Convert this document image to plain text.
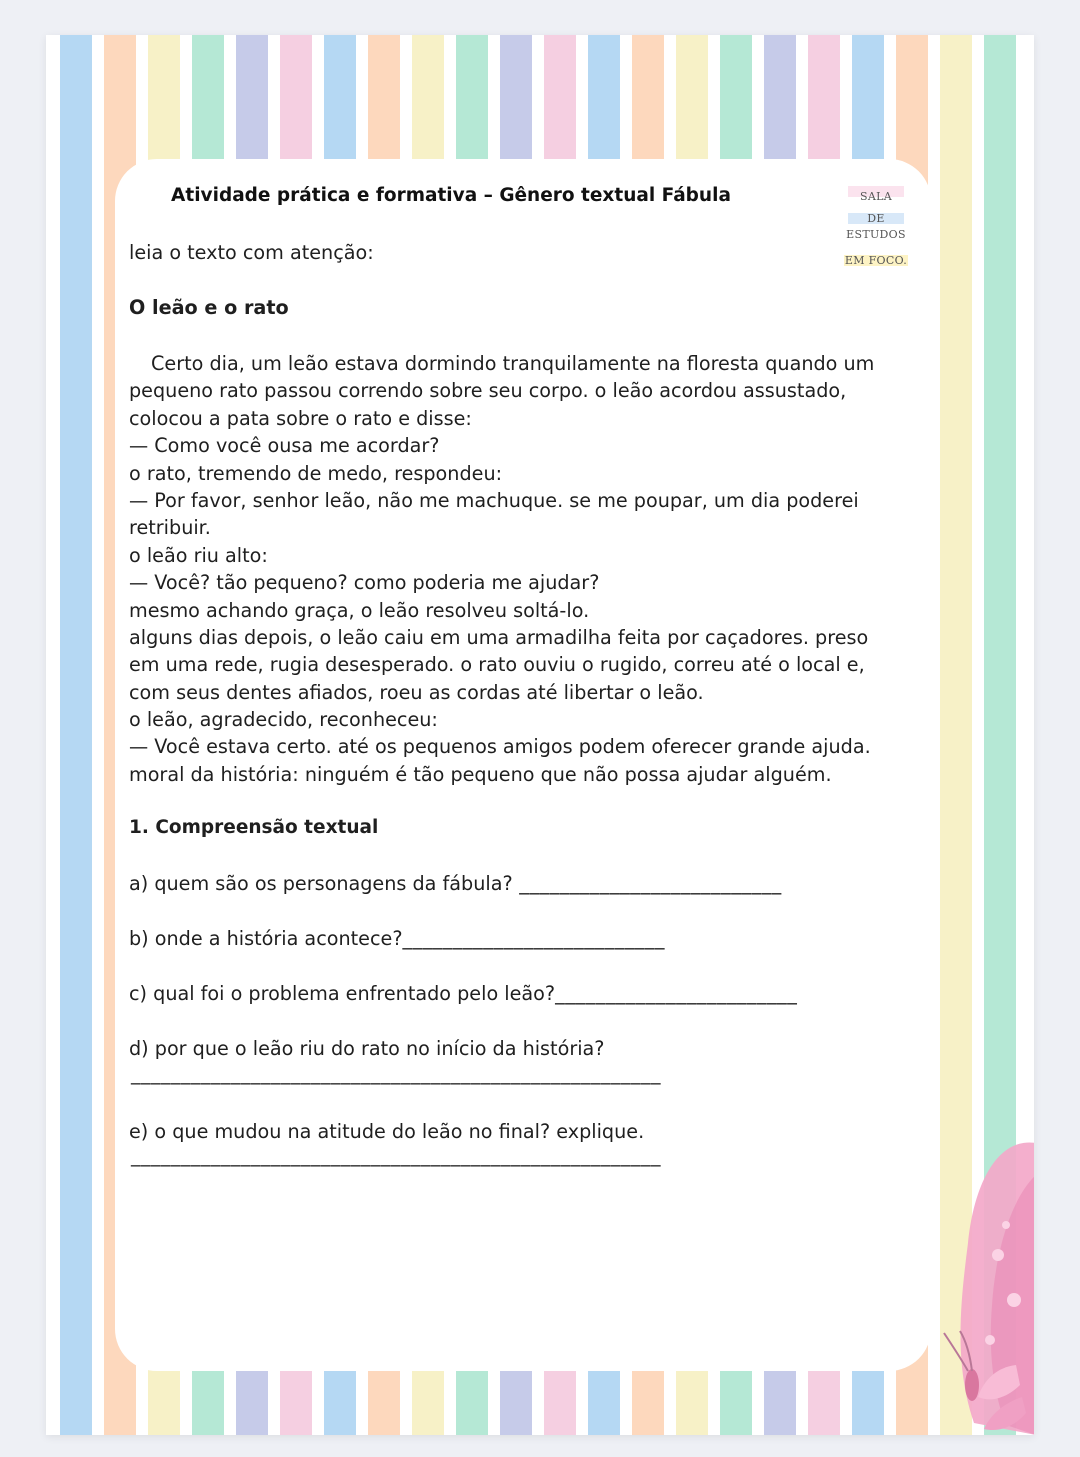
Atividade prática e formativa – Gênero textual Fábula	SALA
DE
ESTUDOS
EM FOCO.
leia o texto com atenção:
O leão e o rato
Certo dia, um leão estava dormindo tranquilamente na floresta quando um
pequeno rato passou correndo sobre seu corpo. o leão acordou assustado,
colocou a pata sobre o rato e disse:
— Como você ousa me acordar?
o rato, tremendo de medo, respondeu:
— Por favor, senhor leão, não me machuque. se me poupar, um dia poderei
retribuir.
o leão riu alto:
— Você? tão pequeno? como poderia me ajudar?
mesmo achando graça, o leão resolveu soltá-lo.
alguns dias depois, o leão caiu em uma armadilha feita por caçadores. preso
em uma rede, rugia desesperado. o rato ouviu o rugido, correu até o local e,
com seus dentes afiados, roeu as cordas até libertar o leão.
o leão, agradecido, reconheceu:
— Você estava certo. até os pequenos amigos podem oferecer grande ajuda.
moral da história: ninguém é tão pequeno que não possa ajudar alguém.
1. Compreensão textual
a) quem são os personagens da fábula? __________________________
b) onde a história acontece?__________________________
c) qual foi o problema enfrentado pelo leão?________________________
d) por que o leão riu do rato no início da história?
_____________________________________________________
e) o que mudou na atitude do leão no final? explique.
_____________________________________________________
